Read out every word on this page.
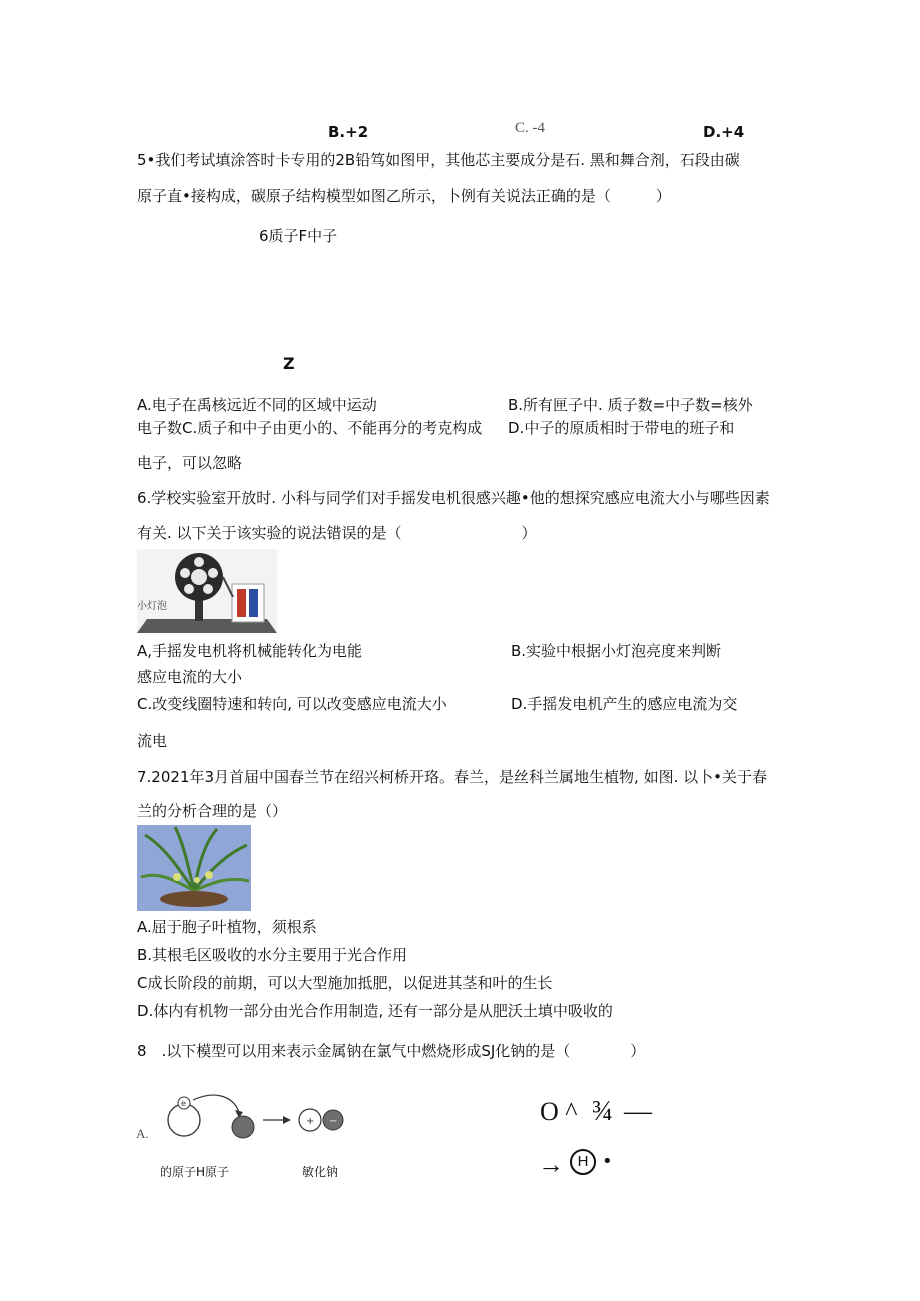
B.+2	C. -4	D.+4
5•我们考试填涂答时卡专用的2B铅笃如图甲，其他芯主要成分是石. 黑和舞合剂，石段由碳
原子直•接构成，碳原子结构模型如图乙所示，卜例有关说法正确的是（　　　）
6质子F中子
Z
A.电子在禹核远近不同的区域中运动	B.所有匣子中. 质子数=中子数=核外
电子数C.质子和中子由更小的、不能再分的考克构成 D.中子的原质相时于带电的班子和
电子，可以忽略
6.学校实验室开放时. 小科与同学们对手摇发电机很感兴趣•他的想探究感应电流大小与哪些因素
有关. 以下关于该实验的说法错误的是（　　　　　　　　）
小灯泡
A,手摇发电机将机械能转化为电能	B.实验中根据小灯泡亮度来判断
感应电流的大小
C.改变线圈特速和转向, 可以改变感应电流大小	D.手摇发电机产生的感应电流为交
流电
7.2021年3月首届中国春兰节在绍兴柯桥开珞。春兰，是丝科兰属地生植物, 如图. 以卜•关于春
兰的分析合理的是（）
A.屈于胞子叶植物，须根系
B.其根毛区吸收的水分主要用于光合作用
C成长阶段的前期，可以大型施加抵肥，以促进其茎和叶的生长
D.体内有机物一部分由光合作用制造, 还有一部分是从肥沃土填中吸收的
8　.以下模型可以用来表示金属钠在氯气中燃烧形成SJ化钠的是（　　　　）
A.
e
+ −
的原子H原子	敏化钠
O ^ ¾ —
→ H •
